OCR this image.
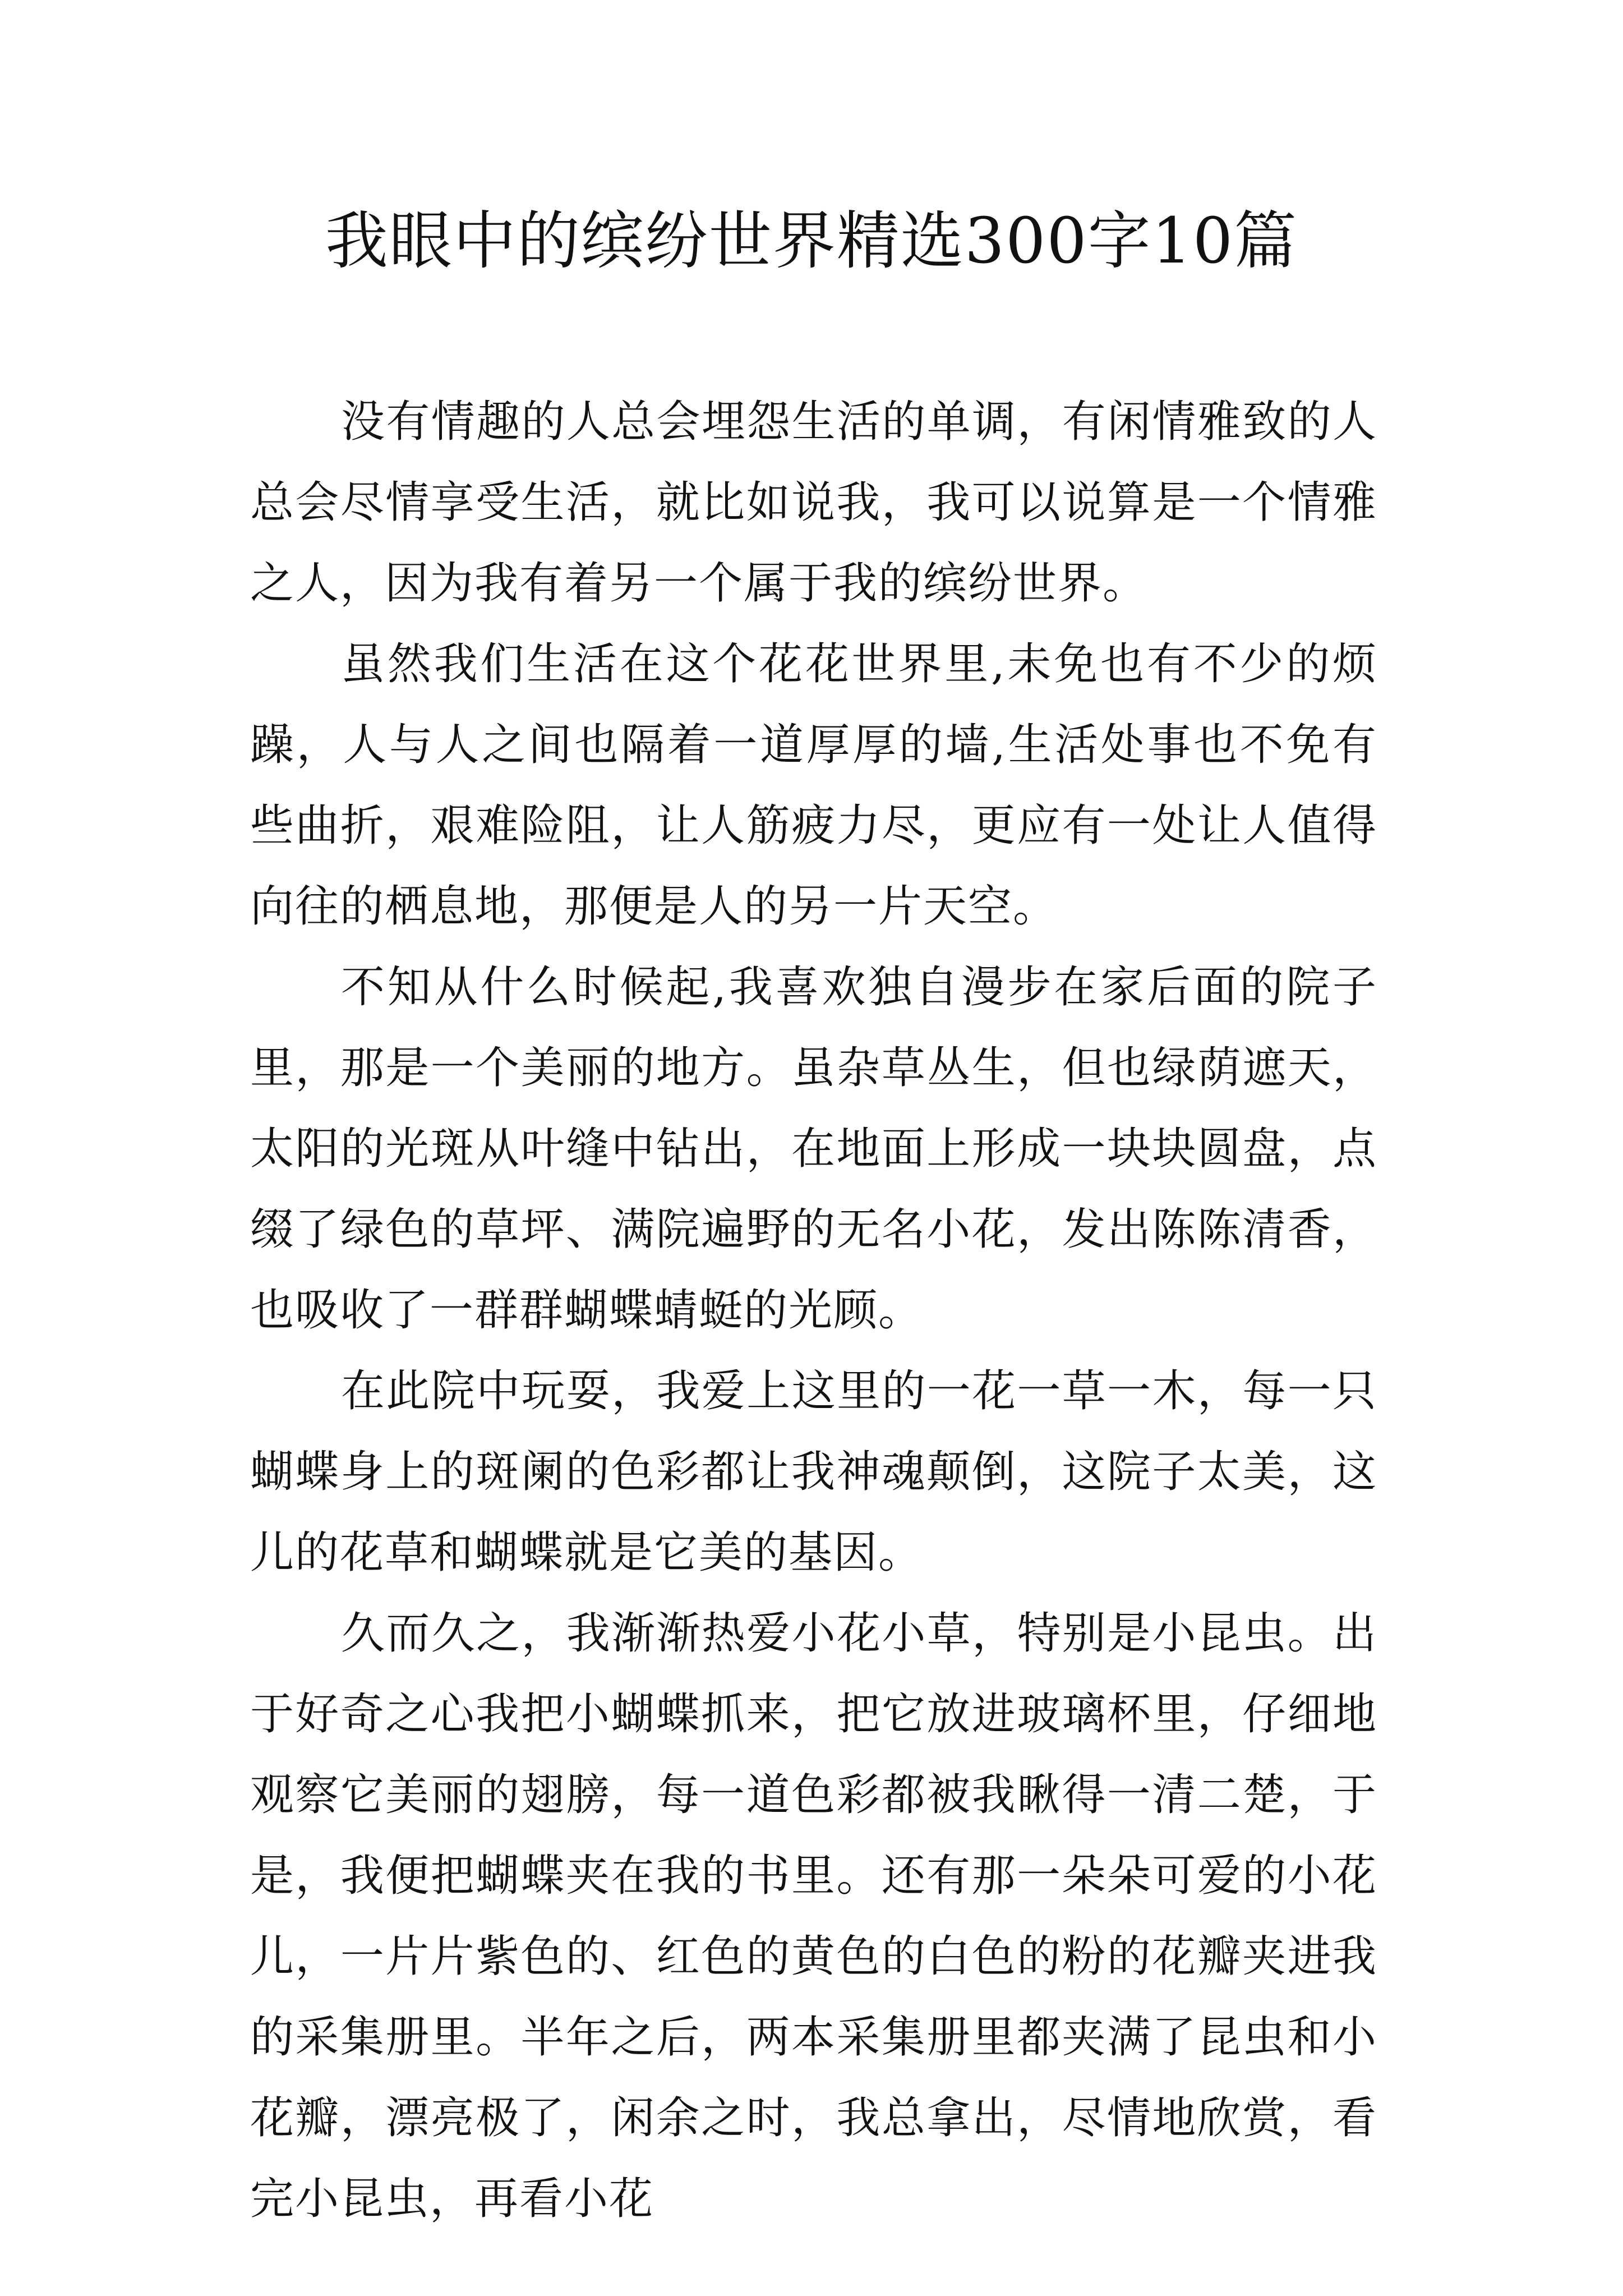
我眼中的缤纷世界精选300字10篇

没有情趣的人总会埋怨生活的单调，有闲情雅致的人总会尽情享受生活，就比如说我，我可以说算是一个情雅之人，因为我有着另一个属于我的缤纷世界。

虽然我们生活在这个花花世界里,未免也有不少的烦躁，人与人之间也隔着一道厚厚的墙,生活处事也不免有些曲折，艰难险阻，让人筋疲力尽，更应有一处让人值得向往的栖息地，那便是人的另一片天空。

不知从什么时候起,我喜欢独自漫步在家后面的院子里，那是一个美丽的地方。虽杂草丛生，但也绿荫遮天，太阳的光斑从叶缝中钻出，在地面上形成一块块圆盘，点缀了绿色的草坪、满院遍野的无名小花，发出陈陈清香，也吸收了一群群蝴蝶蜻蜓的光顾。

在此院中玩耍，我爱上这里的一花一草一木，每一只蝴蝶身上的斑阑的色彩都让我神魂颠倒，这院子太美，这儿的花草和蝴蝶就是它美的基因。

久而久之，我渐渐热爱小花小草，特别是小昆虫。出于好奇之心我把小蝴蝶抓来，把它放进玻璃杯里，仔细地观察它美丽的翅膀，每一道色彩都被我瞅得一清二楚，于是，我便把蝴蝶夹在我的书里。还有那一朵朵可爱的小花儿，一片片紫色的、红色的黄色的白色的粉的花瓣夹进我的采集册里。半年之后，两本采集册里都夹满了昆虫和小花瓣，漂亮极了，闲余之时，我总拿出，尽情地欣赏，看完小昆虫，再看小花
